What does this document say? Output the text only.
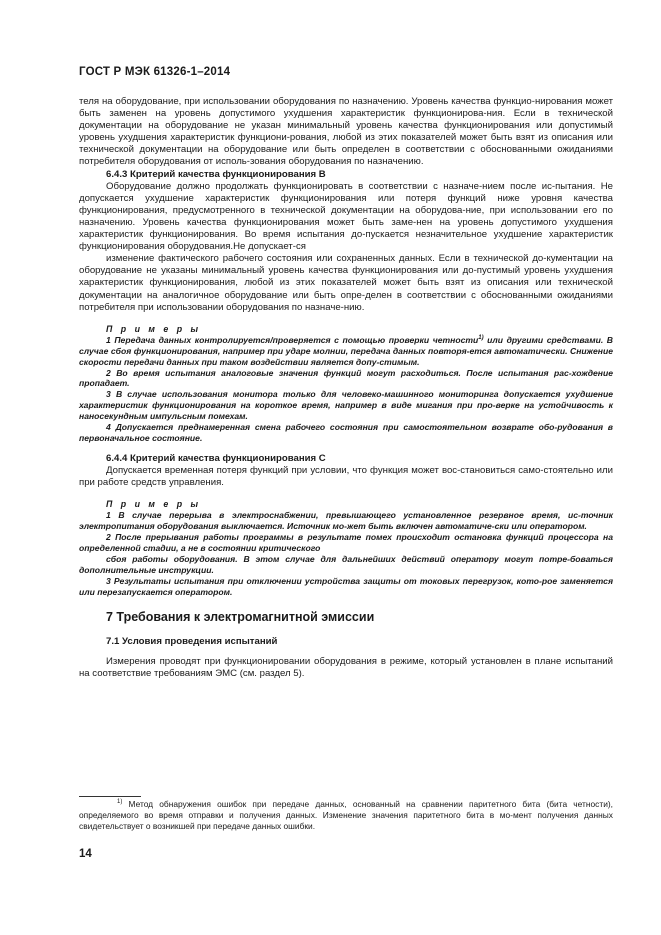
ГОСТ Р МЭК 61326-1–2014

теля на оборудование, при использовании оборудования по назначению. Уровень качества функцио-нирования может быть заменен на уровень допустимого ухудшения характеристик функционирова-ния. Если в технической документации на оборудование не указан минимальный уровень качества функционирования или допустимый уровень ухудшения характеристик функциони-рования, любой из этих показателей может быть взят из описания или технической документации на оборудование или быть определен в соответствии с обоснованными ожиданиями потребителя оборудования от исполь-зования оборудования по назначению.

6.4.3 Критерий качества функционирования В

Оборудование должно продолжать функционировать в соответствии с назначе-нием после ис-пытания. Не допускается ухудшение характеристик функционирования или потеря функций ниже уровня качества функционирования, предусмотренного в технической документации на оборудова-ние, при использовании его по назначению. Уровень качества функционирования может быть заме-нен на уровень допустимого ухудшения характеристик функционирования. Во время испытания до-пускается незначительное ухудшение характеристик функционирования оборудования.Не допускает-ся

изменение фактического рабочего состояния или сохраненных данных. Если в технической до-кументации на оборудование не указаны минимальный уровень качества функционирования или до-пустимый уровень ухудшения характеристик функционирования, любой из этих показателей может быть взят из описания или технической документации на аналогичное оборудование или быть опре-делен в соответствии с обоснованными ожиданиями потребителя при использовании оборудования по назначе-нию.

П р и м е р ы

1 Передача данных контролируется/проверяется с помощью проверки четности$^{1)}$ или другими средствами. В случае сбоя функционирования, например при ударе молнии, передача данных повторя-ется автоматически. Снижение скорости передачи данных при таком воздействии является допу-стимым.

2 Во время испытания аналоговые значения функций могут расходиться. После испытания рас-хождение пропадает.

3 В случае использования монитора только для человеко-машинного мониторинга допускается ухудшение характеристик функционирования на короткое время, например в виде мигания при про-верке на устойчивость к наносекундным импульсным помехам.

4 Допускается преднамеренная смена рабочего состояния при самостоятельном возврате обо-рудования в первоначальное состояние.

6.4.4 Критерий качества функционирования С

Допускается временная потеря функций при условии, что функция может вос-становиться само-стоятельно или при работе средств управления.

П р и м е р ы

1 В случае перерыва в электроснабжении, превышающего установленное резервное время, ис-точник электропитания оборудования выключается. Источник мо-жет быть включен автоматиче-ски или оператором.

2 После прерывания работы программы в результате помех происходит остановка функций процессора на определенной стадии, а не в состоянии критического

сбоя работы оборудования. В этом случае для дальнейших действий оператору могут потре-боваться дополнительные инструкции.

3 Результаты испытания при отключении устройства защиты от токовых перегрузок, кото-рое заменяется или перезапускается оператором.

7 Требования к электромагнитной эмиссии

7.1 Условия проведения испытаний

Измерения проводят при функционировании оборудования в режиме, который установлен в плане испытаний на соответствие требованиям ЭМС (см. раздел 5).

$^{1)}$ Метод обнаружения ошибок при передаче данных, основанный на сравнении паритетного бита (бита четности), определяемого во время отправки и получения данных. Изменение значения паритетного бита в мо-мент получения данных свидетельствует о возникшей при передаче данных ошибки.
14
